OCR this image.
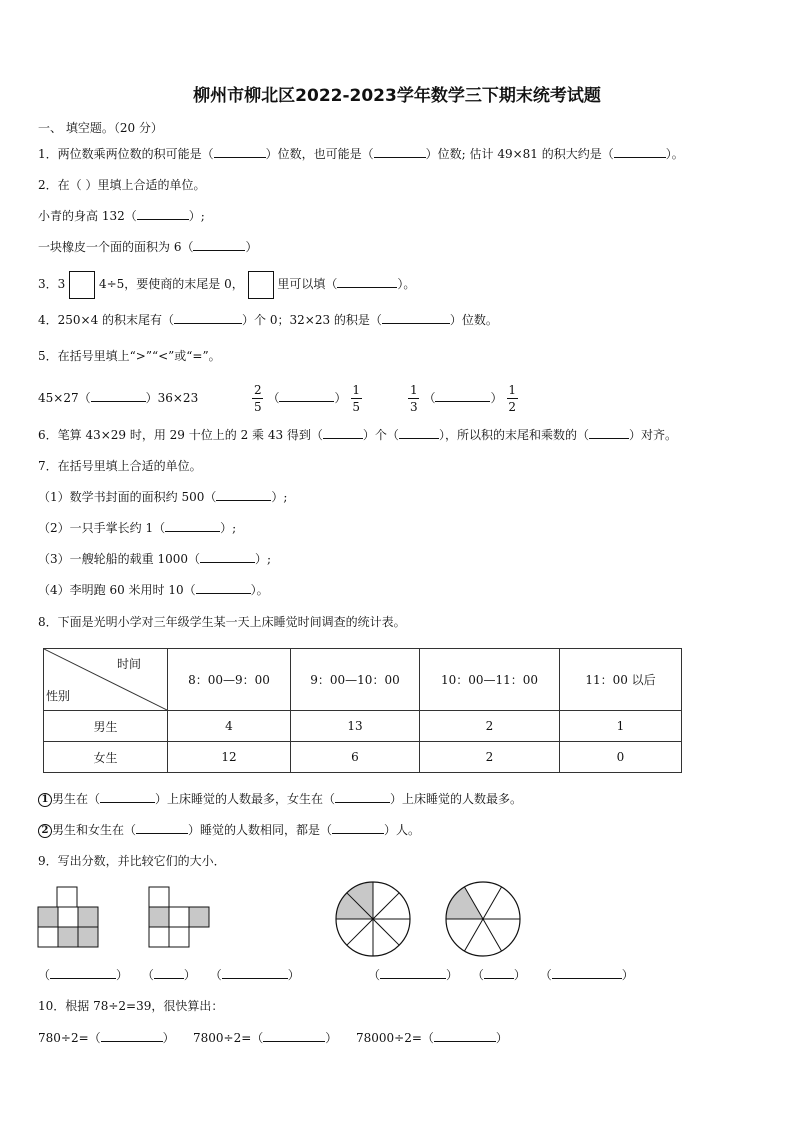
柳州市柳北区2022-2023学年数学三下期末统考试题
一、 填空题。（20 分）
1．两位数乘两位数的积可能是（	）位数，也可能是（	）位数; 估计 49×81 的积大约是（	）。
2．在（ ）里填上合适的单位。
小青的身高 132（	）;
一块橡皮一个面的面积为 6（	）
3．3	4÷5，要使商的末尾是 0，	里可以填（	）。
4．250×4 的积末尾有（	）个 0；32×23 的积是（	）位数。
5．在括号里填上“>”“<”或“=”。
45×27（	）36×23	$\frac{2}{5}$ （	） $\frac{1}{5}$	$\frac{1}{3}$ （	） $\frac{1}{2}$
6．笔算 43×29 时，用 29 十位上的 2 乘 43 得到（	）个（	），所以积的末尾和乘数的（	）对齐。
7．在括号里填上合适的单位。
（1）数学书封面的面积约 500（	）;
（2）一只手掌长约 1（	）;
（3）一艘轮船的载重 1000（	）;
（4）李明跑 60 米用时 10（	）。
8．下面是光明小学对三年级学生某一天上床睡觉时间调查的统计表。
时间
性别	8：00—9：00	9：00—10：00	10：00—11：00	11：00 以后
男生	4	13	2	1
女生	12	6	2	0
1 男生在（	）上床睡觉的人数最多，女生在（	）上床睡觉的人数最多。
2 男生和女生在（	）睡觉的人数相同，都是（	）人。
9．写出分数，并比较它们的大小．
（	） （	） （	）	（	） （	） （	）
10．根据 78÷2=39，很快算出：
780÷2=（	） 7800÷2=（	） 78000÷2=（	）
